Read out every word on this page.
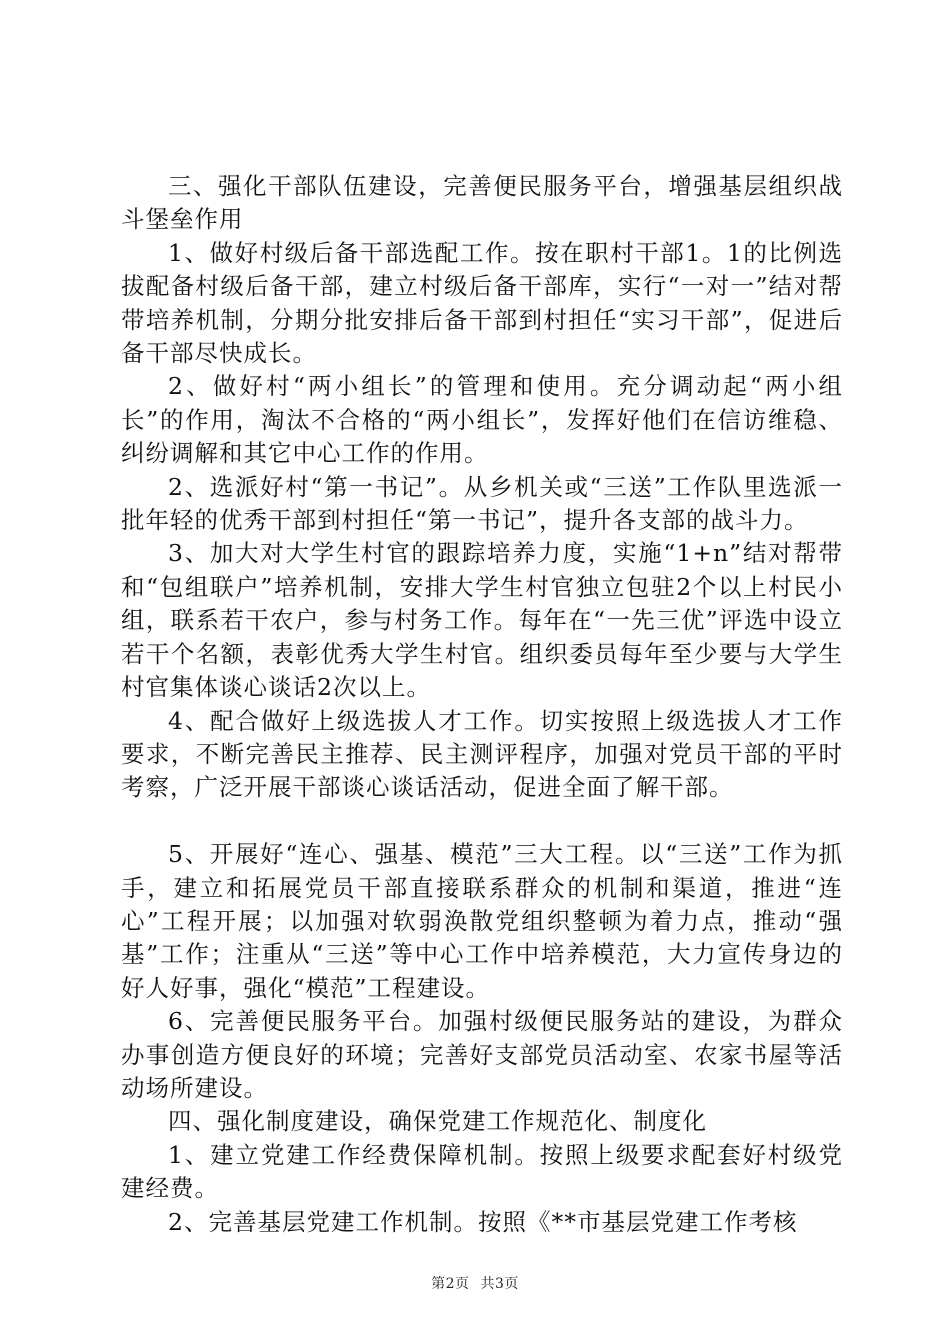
三、强化干部队伍建设，完善便民服务平台，增强基层组织战斗堡垒作用

1、做好村级后备干部选配工作。按在职村干部1。1的比例选拔配备村级后备干部，建立村级后备干部库，实行“一对一”结对帮带培养机制，分期分批安排后备干部到村担任“实习干部”，促进后备干部尽快成长。

2、做好村“两小组长”的管理和使用。充分调动起“两小组长”的作用，淘汰不合格的“两小组长”，发挥好他们在信访维稳、纠纷调解和其它中心工作的作用。

2、选派好村“第一书记”。从乡机关或“三送”工作队里选派一批年轻的优秀干部到村担任“第一书记”，提升各支部的战斗力。

3、加大对大学生村官的跟踪培养力度，实施“1+n”结对帮带和“包组联户”培养机制，安排大学生村官独立包驻2个以上村民小组，联系若干农户，参与村务工作。每年在“一先三优”评选中设立若干个名额，表彰优秀大学生村官。组织委员每年至少要与大学生村官集体谈心谈话2次以上。

4、配合做好上级选拔人才工作。切实按照上级选拔人才工作要求，不断完善民主推荐、民主测评程序，加强对党员干部的平时考察，广泛开展干部谈心谈话活动，促进全面了解干部。

5、开展好“连心、强基、模范”三大工程。以“三送”工作为抓手，建立和拓展党员干部直接联系群众的机制和渠道，推进“连心”工程开展；以加强对软弱涣散党组织整顿为着力点，推动“强基”工作；注重从“三送”等中心工作中培养模范，大力宣传身边的好人好事，强化“模范”工程建设。

6、完善便民服务平台。加强村级便民服务站的建设，为群众办事创造方便良好的环境；完善好支部党员活动室、农家书屋等活动场所建设。

四、强化制度建设，确保党建工作规范化、制度化

1、建立党建工作经费保障机制。按照上级要求配套好村级党建经费。

2、完善基层党建工作机制。按照《**市基层党建工作考核

第2页 共3页
